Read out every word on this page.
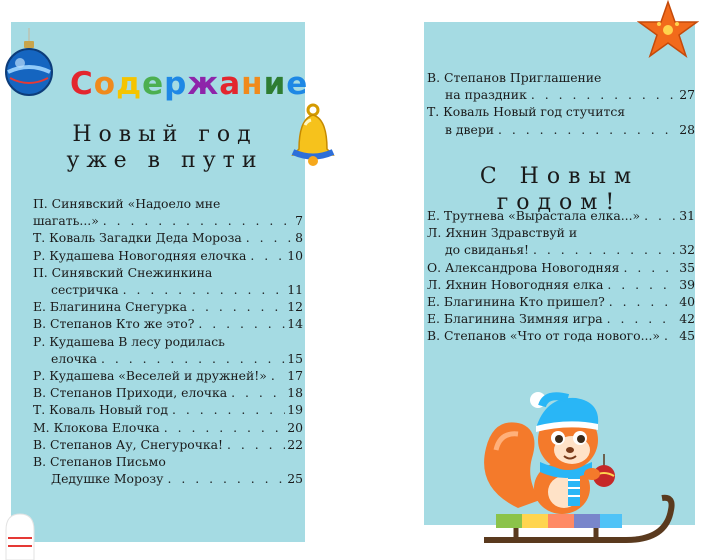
Содержание
Новый год
уже в пути
С Новым годом!
П. Синявский «Надоело мне
шагать...» . . .	7
Т. Коваль Загадки Деда Мороза . . .	8
Р. Кудашева Новогодняя елочка . . .	10
П. Синявский Снежинкина
сестричка . . .	11
Е. Благинина Снегурка . . .	12
В. Степанов Кто же это? . . .	14
Р. Кудашева В лесу родилась
елочка . . .	15
Р. Кудашева «Веселей и дружней!» . . . 17
В. Степанов Приходи, елочка . . .	18
Т. Коваль Новый год . . .	19
М. Клокова Елочка . . .	20
В. Степанов Ау, Снегурочка! . . .	22
В. Степанов Письмо
Дедушке Морозу . . .	25
В. Степанов Приглашение
на праздник . . .	27
Т. Коваль Новый год стучится
в двери . . .	28
Е. Трутнева «Вырастала елка...» . . .	31
Л. Яхнин Здравствуй и
до свиданья! . . .	32
О. Александрова Новогодняя . . .	35
Л. Яхнин Новогодняя елка . . .	39
Е. Благинина Кто пришел? . . .	40
Е. Благинина Зимняя игра . . .	42
В. Степанов «Что от года нового...» . . . 45
